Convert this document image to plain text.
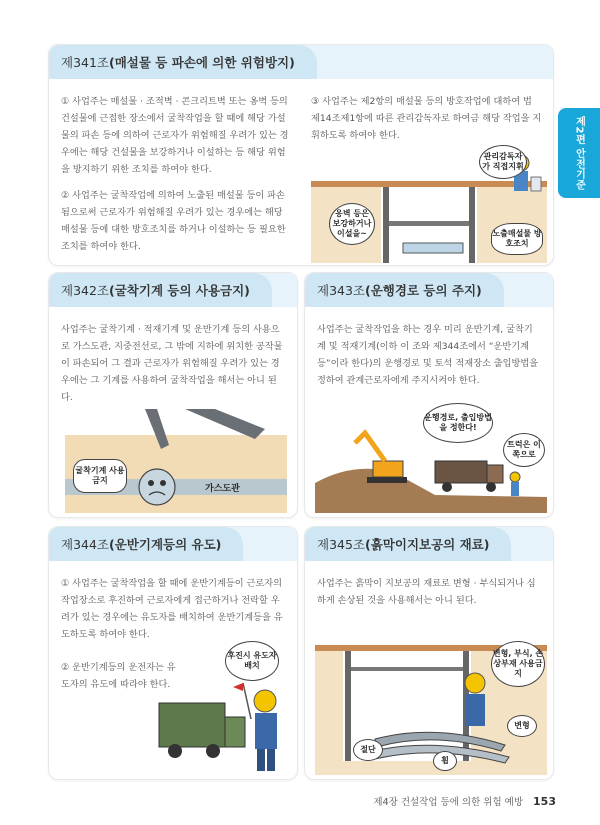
제2편 안전기준
제341조 (매설물 등 파손에 의한 위험방지)

① 사업주는 매설물 · 조적벽 · 콘크리트벽 또는 옹벽 등의 건설물에 근접한 장소에서 굴착작업을 할 때에 해당 가설물의 파손 등에 의하여 근로자가 위험해질 우려가 있는 경우에는 해당 건설물을 보강하거나 이설하는 등 해당 위험을 방지하기 위한 조치를 하여야 한다.

② 사업주는 굴착작업에 의하여 노출된 매설물 등이 파손됨으로써 근로자가 위험해질 우려가 있는 경우에는 해당 매설물 등에 대한 방호조치를 하거나 이설하는 등 필요한 조치를 하여야 한다.

③ 사업주는 제2항의 매설물 등의 방호작업에 대하여 법 제14조제1항에 따른 관리감독자로 하여금 해당 작업을 지휘하도록 하여야 한다.

관리감독자가 직접지휘
옹벽 등은 보강하거나 이설을~	노출매설물 방호조치
제342조 (굴착기계 등의 사용금지)

사업주는 굴착기계 · 적재기계 및 운반기계 등의 사용으로 가스도관, 지중전선로, 그 밖에 지하에 위치한 공작물이 파손되어 그 결과 근로자가 위험해질 우려가 있는 경우에는 그 기계를 사용하여 굴착작업을 해서는 아니 된다.

굴착기계 사용금지
가스도관
제343조 (운행경로 등의 주지)

사업주는 굴착작업을 하는 경우 미리 운반기계, 굴착기계 및 적재기계(이하 이 조와 제344조에서 “운반기계등”이라 한다)의 운행경로 및 토석 적재장소 출입방법을 정하여 관계근로자에게 주지시켜야 한다.

운행경로, 출입방법을 정한다!
트럭은 이쪽으로
제344조 (운반기계등의 유도)

① 사업주는 굴착작업을 할 때에 운반기계등이 근로자의 작업장소로 후진하여 근로자에게 접근하거나 전락할 우려가 있는 경우에는 유도자를 배치하여 운반기계등을 유도하도록 하여야 한다.

② 운반기계등의 운전자는 유도자의 유도에 따라야 한다.

후진시 유도자 배치
제345조 (흙막이지보공의 재료)

사업주는 흙막이 지보공의 재료로 변형 · 부식되거나 심하게 손상된 것을 사용해서는 아니 된다.

변형, 부식, 손상부재 사용금지
절단
변형
휨
제4장 건설작업 등에 의한 위험 예방 153
